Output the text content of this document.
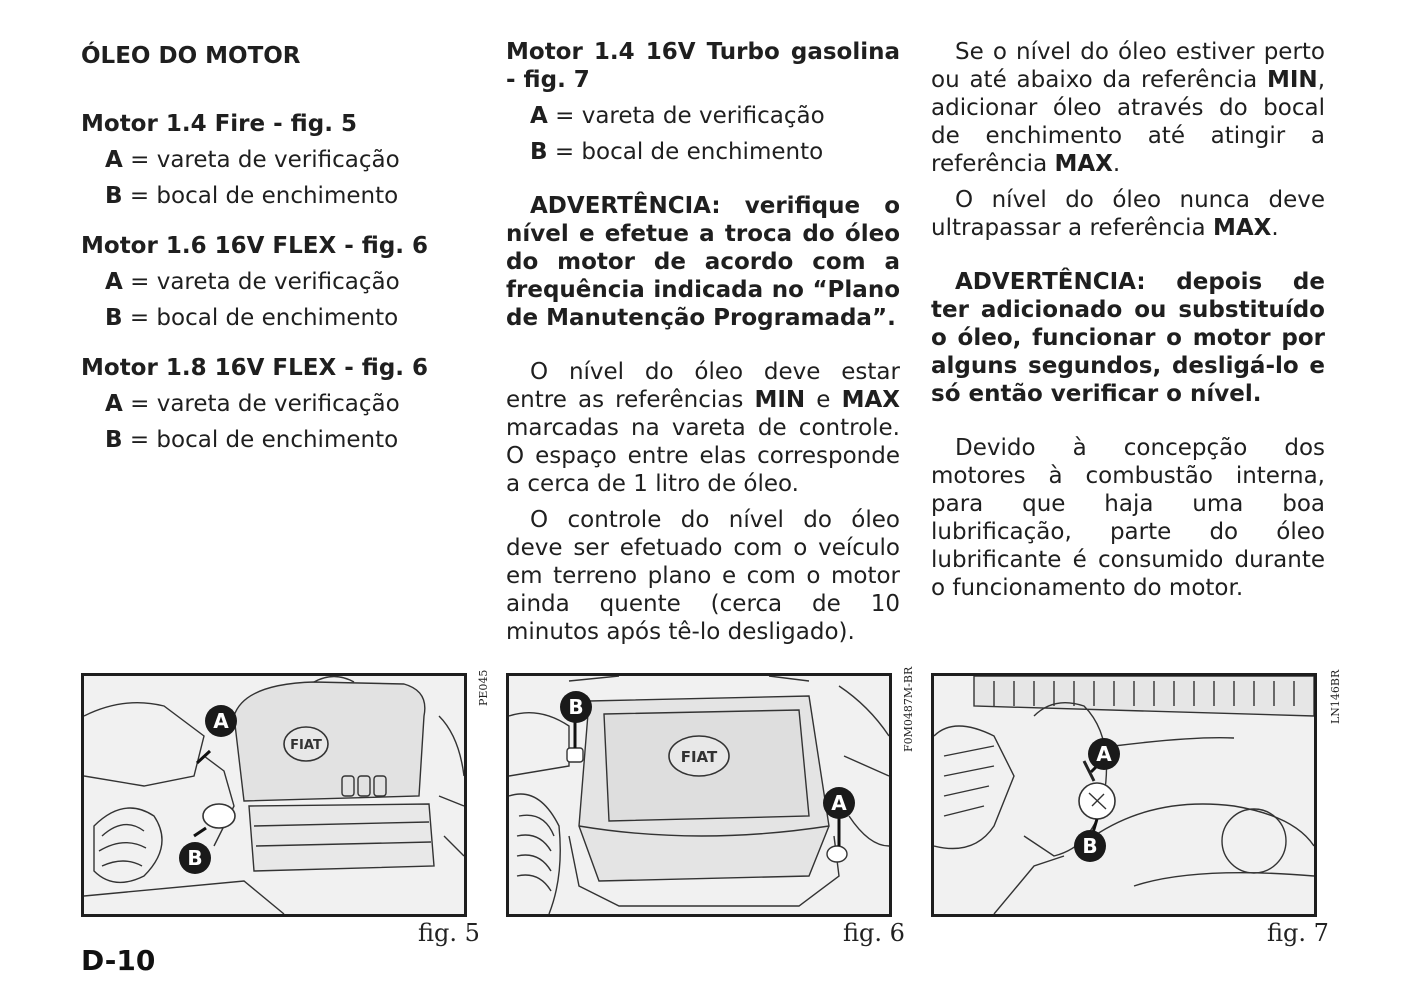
ÓLEO DO MOTOR

Motor 1.4 Fire - fig. 5

A = vareta de verificação

B = bocal de enchimento

Motor 1.6 16V FLEX - fig. 6

A = vareta de verificação

B = bocal de enchimento

Motor 1.8 16V FLEX - fig. 6

A = vareta de verificação

B = bocal de enchimento

Motor 1.4 16V Turbo gasolina - fig. 7

A = vareta de verificação

B = bocal de enchimento

ADVERTÊNCIA: verifique o nível e efetue a troca do óleo do motor de acordo com a frequência indicada no “Plano de Manutenção Programada”.

O nível do óleo deve estar entre as referências MIN e MAX marcadas na vareta de controle. O espaço entre elas corresponde a cerca de 1 litro de óleo.

O controle do nível do óleo deve ser efetuado com o veículo em terreno plano e com o motor ainda quente (cerca de 10 minutos após tê-lo desligado).

Se o nível do óleo estiver perto ou até abaixo da referência MIN, adicionar óleo através do bocal de enchimento até atingir a referência MAX.

O nível do óleo nunca deve ultrapassar a referência MAX.

ADVERTÊNCIA: depois de ter adicionado ou substituído o óleo, funcionar o motor por alguns segundos, desligá-lo e só então verificar o nível.

Devido à concepção dos motores à combustão interna, para que haja uma boa lubrificação, parte do óleo lubrificante é consumido durante o funcionamento do motor.

FIAT
A
B
PE045
fig. 5
FIAT
B
A
F0M0487M-BR
fig. 6
A
B
LN146BR
fig. 7
D-10
